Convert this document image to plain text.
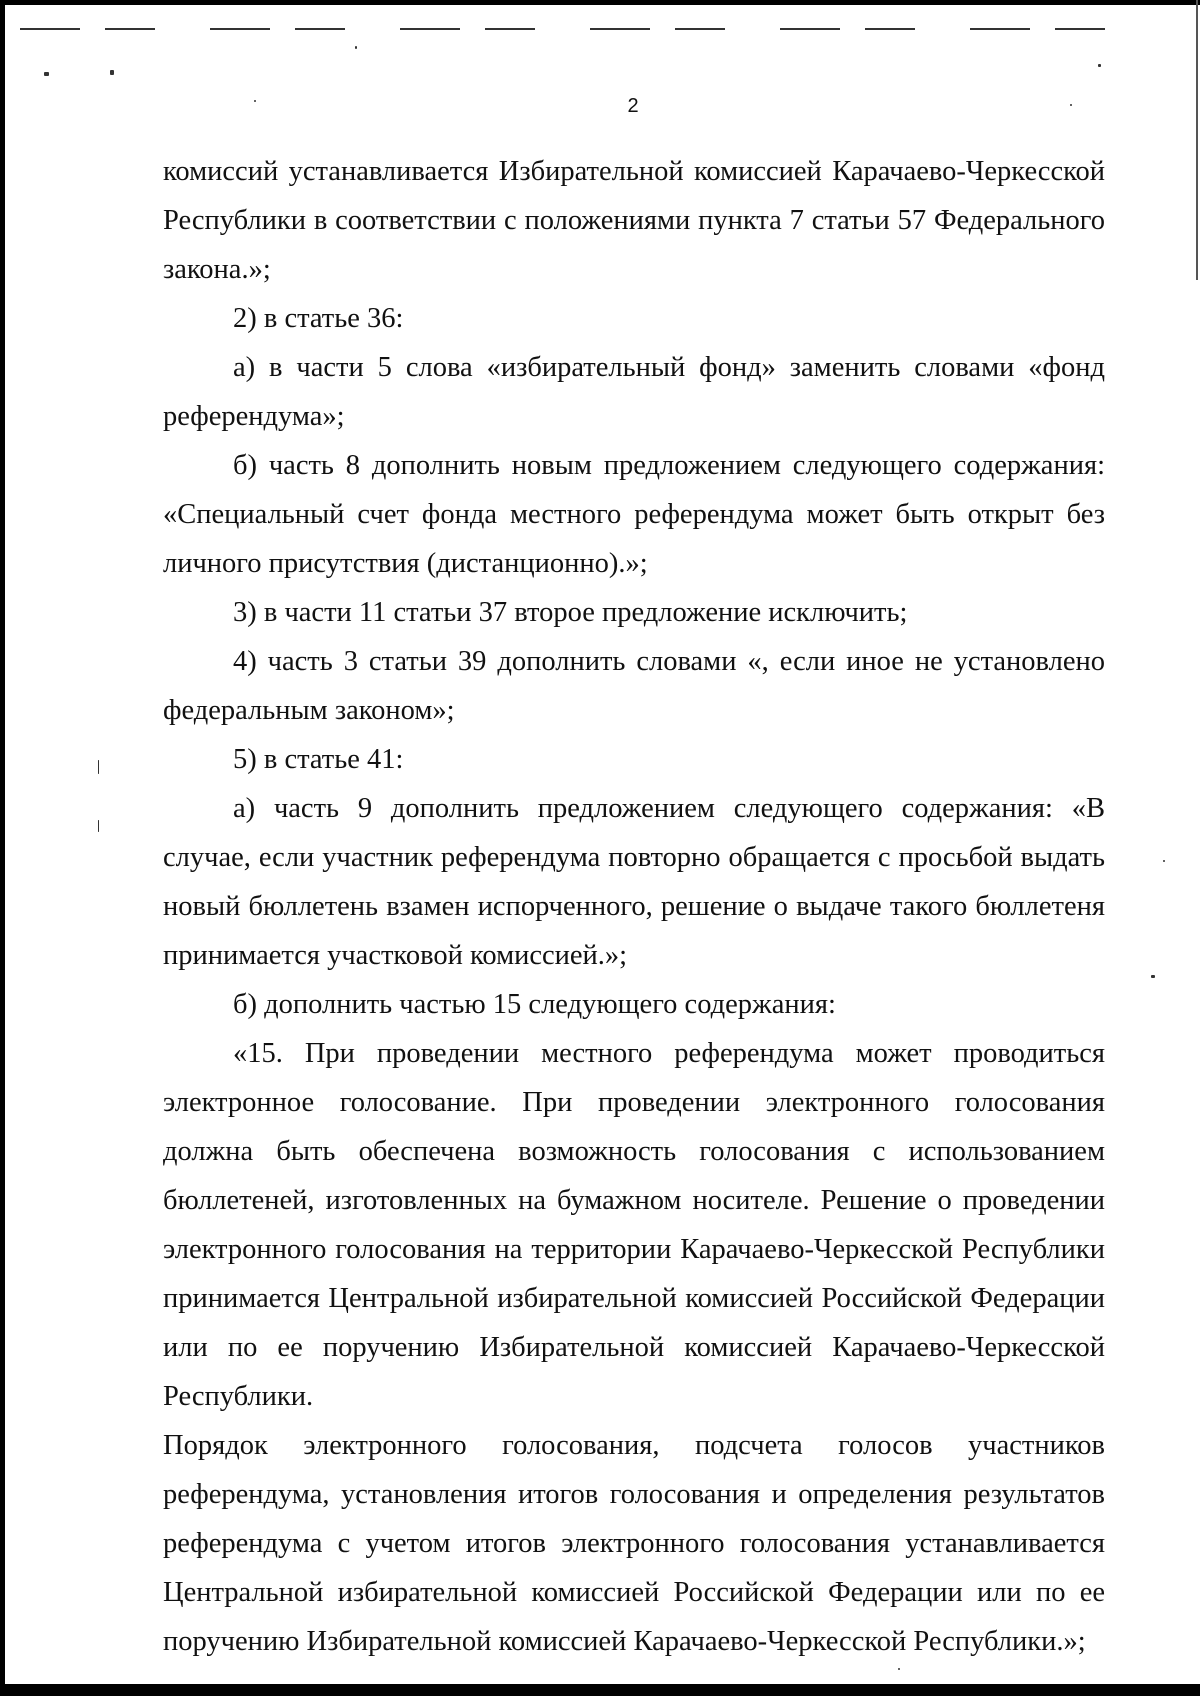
2

комиссий устанавливается Избирательной комиссией Карачаево-Черкесской Республики в соответствии с положениями пункта 7 статьи 57 Федерального закона.»;

2) в статье 36:

а) в части 5 слова «избирательный фонд» заменить словами «фонд референдума»;

б) часть 8 дополнить новым предложением следующего содержания: «Специальный счет фонда местного референдума может быть открыт без личного присутствия (дистанционно).»;

3) в части 11 статьи 37 второе предложение исключить;

4) часть 3 статьи 39 дополнить словами «, если иное не установлено федеральным законом»;

5) в статье 41:

а) часть 9 дополнить предложением следующего содержания: «В случае, если участник референдума повторно обращается с просьбой выдать новый бюллетень взамен испорченного, решение о выдаче такого бюллетеня принимается участковой комиссией.»;

б) дополнить частью 15 следующего содержания:

«15. При проведении местного референдума может проводиться электронное голосование. При проведении электронного голосования должна быть обеспечена возможность голосования с использованием бюллетеней, изготовленных на бумажном носителе. Решение о проведении электронного голосования на территории Карачаево-Черкесской Республики принимается Центральной избирательной комиссией Российской Федерации или по ее поручению Избирательной комиссией Карачаево-Черкесской Республики.

Порядок электронного голосования, подсчета голосов участников референдума, установления итогов голосования и определения результатов референдума с учетом итогов электронного голосования устанавливается Центральной избирательной комиссией Российской Федерации или по ее поручению Избирательной комиссией Карачаево-Черкесской Республики.»;
